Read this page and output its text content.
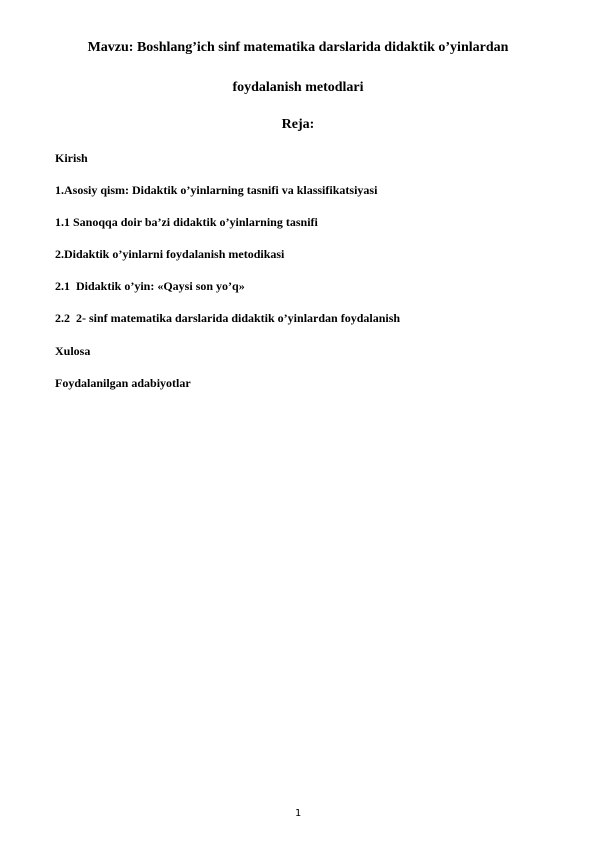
Mavzu: Boshlang’ich sinf matematika darslarida didaktik o’yinlardan
foydalanish metodlari
Reja:
Kirish
1.Asosiy qism: Didaktik o’yinlarning tasnifi va klassifikatsiyasi
1.1 Sanoqqa doir ba’zi didaktik o’yinlarning tasnifi
2.Didaktik o’yinlarni foydalanish metodikasi
2.1  Didaktik o’yin: «Qaysi son yo’q»
2.2  2- sinf matematika darslarida didaktik o’yinlardan foydalanish
Xulosa
Foydalanilgan adabiyotlar
1
